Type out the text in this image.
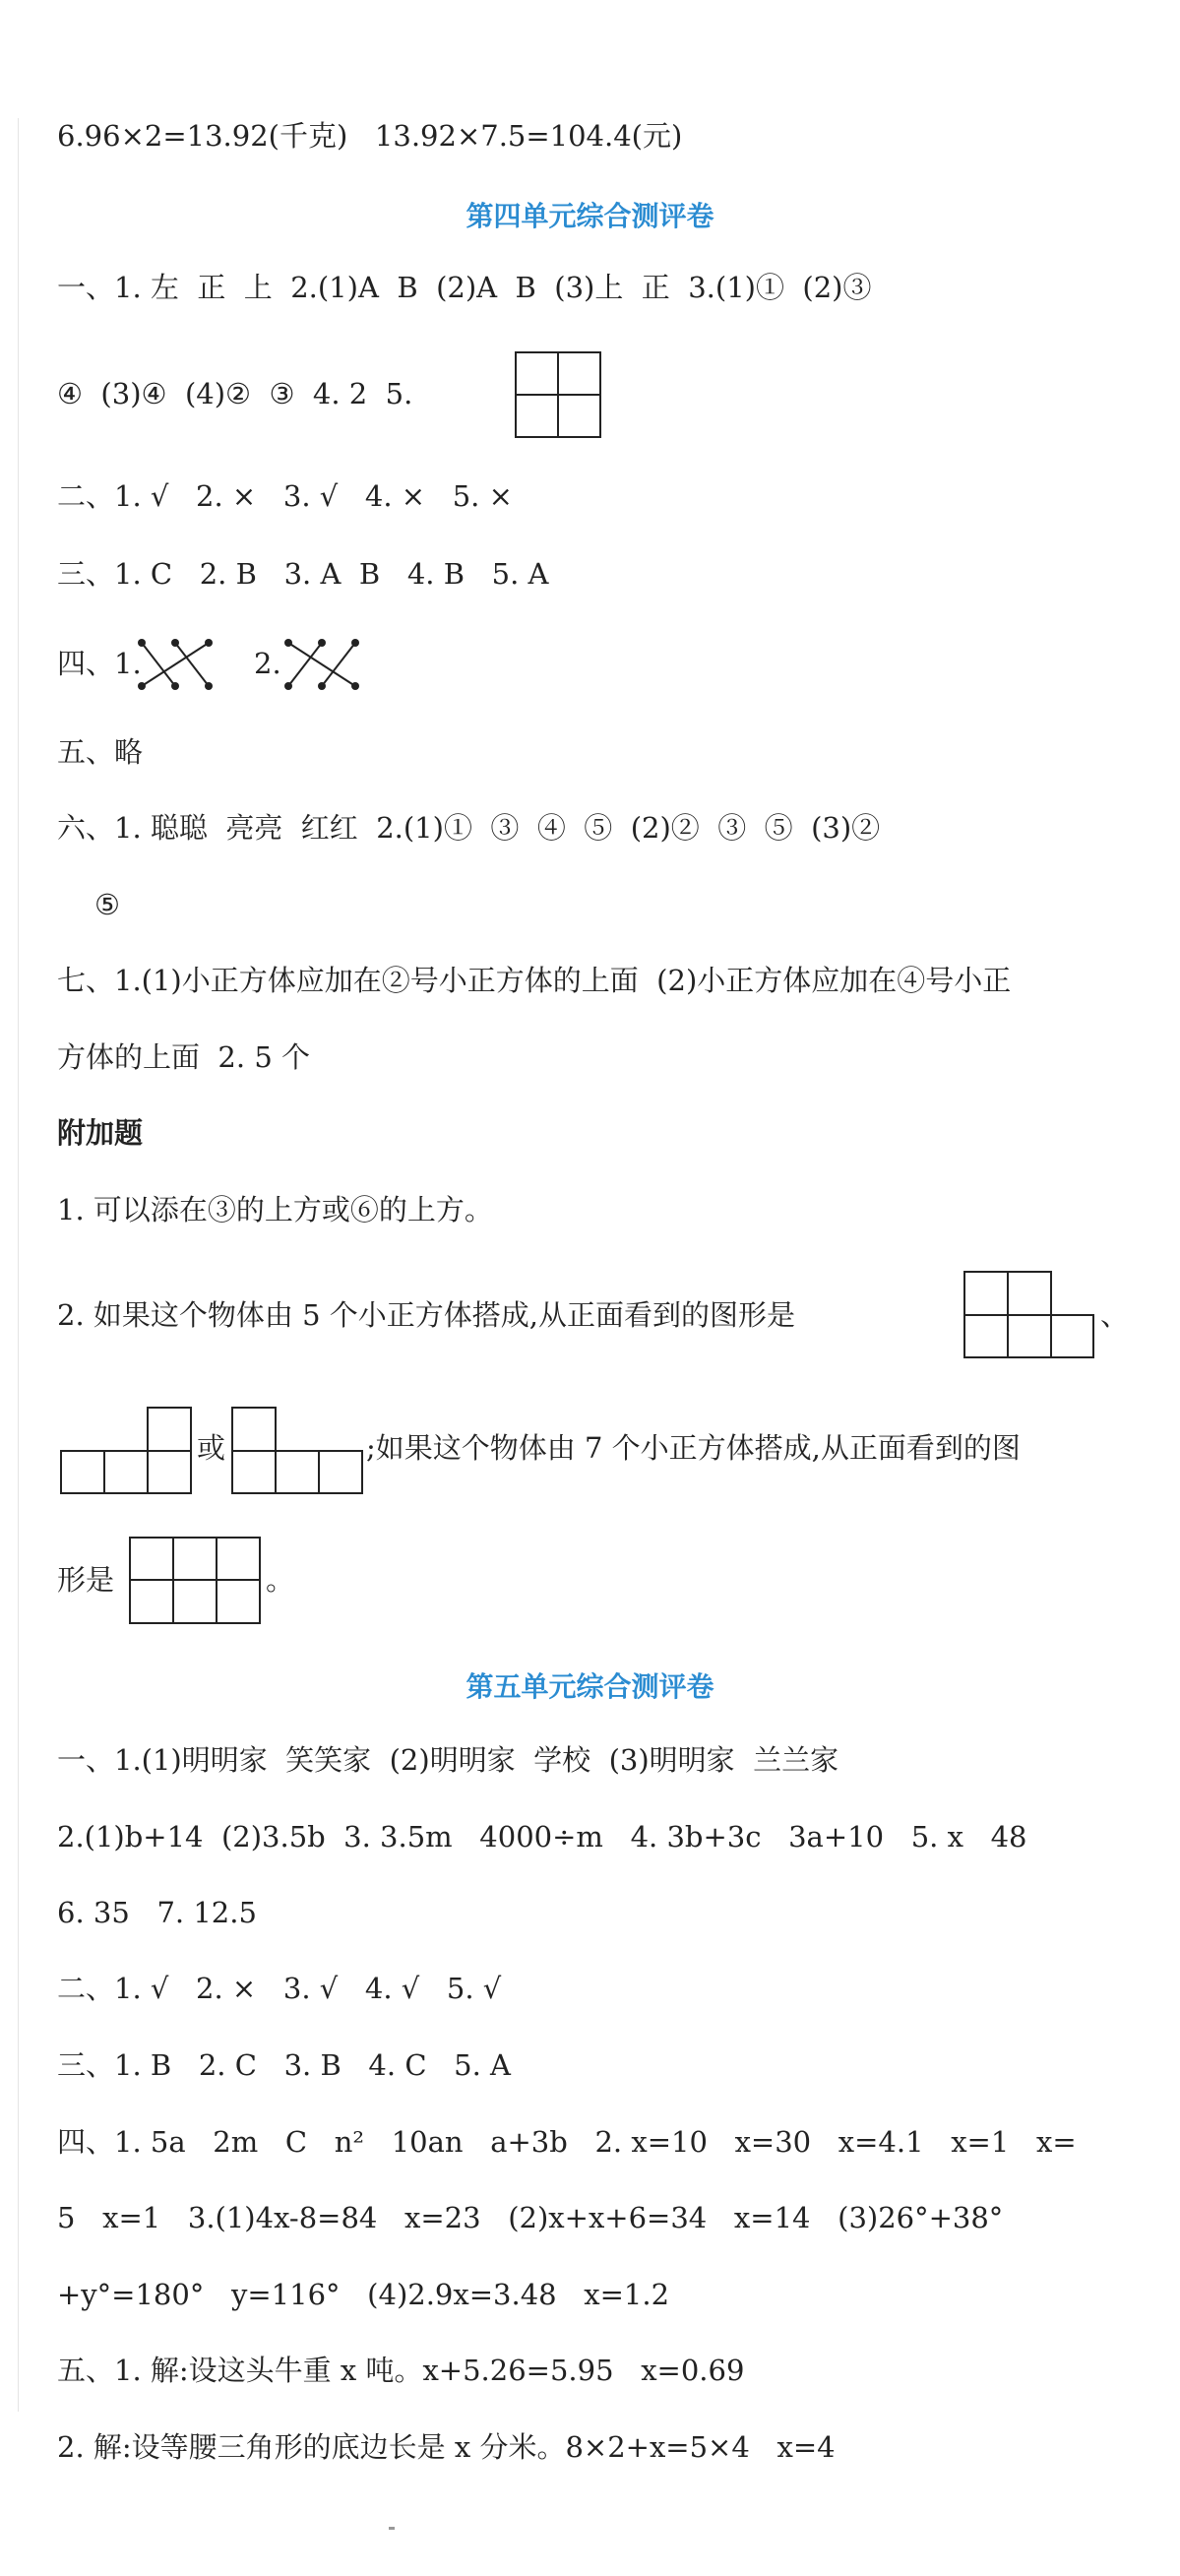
6.96×2=13.92(千克)   13.92×7.5=104.4(元)
第四单元综合测评卷
一、1. 左  正  上  2.(1)A  B  (2)A  B  (3)上  正  3.(1)①  (2)③
④  (3)④  (4)②  ③  4. 2  5.
二、1. √   2. ×   3. √   4. ×   5. ×
三、1. C   2. B   3. A  B   4. B   5. A
四、1.	2.
五、略
六、1. 聪聪  亮亮  红红  2.(1)①  ③  ④  ⑤  (2)②  ③  ⑤  (3)②
⑤
七、1.(1)小正方体应加在②号小正方体的上面  (2)小正方体应加在④号小正
方体的上面  2. 5 个
附加题
1. 可以添在③的上方或⑥的上方。
2. 如果这个物体由 5 个小正方体搭成,从正面看到的图形是	、
或	;如果这个物体由 7 个小正方体搭成,从正面看到的图
形是	。
第五单元综合测评卷
一、1.(1)明明家  笑笑家  (2)明明家  学校  (3)明明家  兰兰家
2.(1)b+14  (2)3.5b  3. 3.5m   4000÷m   4. 3b+3c   3a+10   5. x   48
6. 35   7. 12.5
二、1. √   2. ×   3. √   4. √   5. √
三、1. B   2. C   3. B   4. C   5. A
四、1. 5a   2m   C   n²   10an   a+3b   2. x=10   x=30   x=4.1   x=1   x=
5   x=1   3.(1)4x-8=84   x=23   (2)x+x+6=34   x=14   (3)26°+38°
+y°=180°   y=116°   (4)2.9x=3.48   x=1.2
五、1. 解:设这头牛重 x 吨。x+5.26=5.95   x=0.69
2. 解:设等腰三角形的底边长是 x 分米。8×2+x=5×4   x=4
